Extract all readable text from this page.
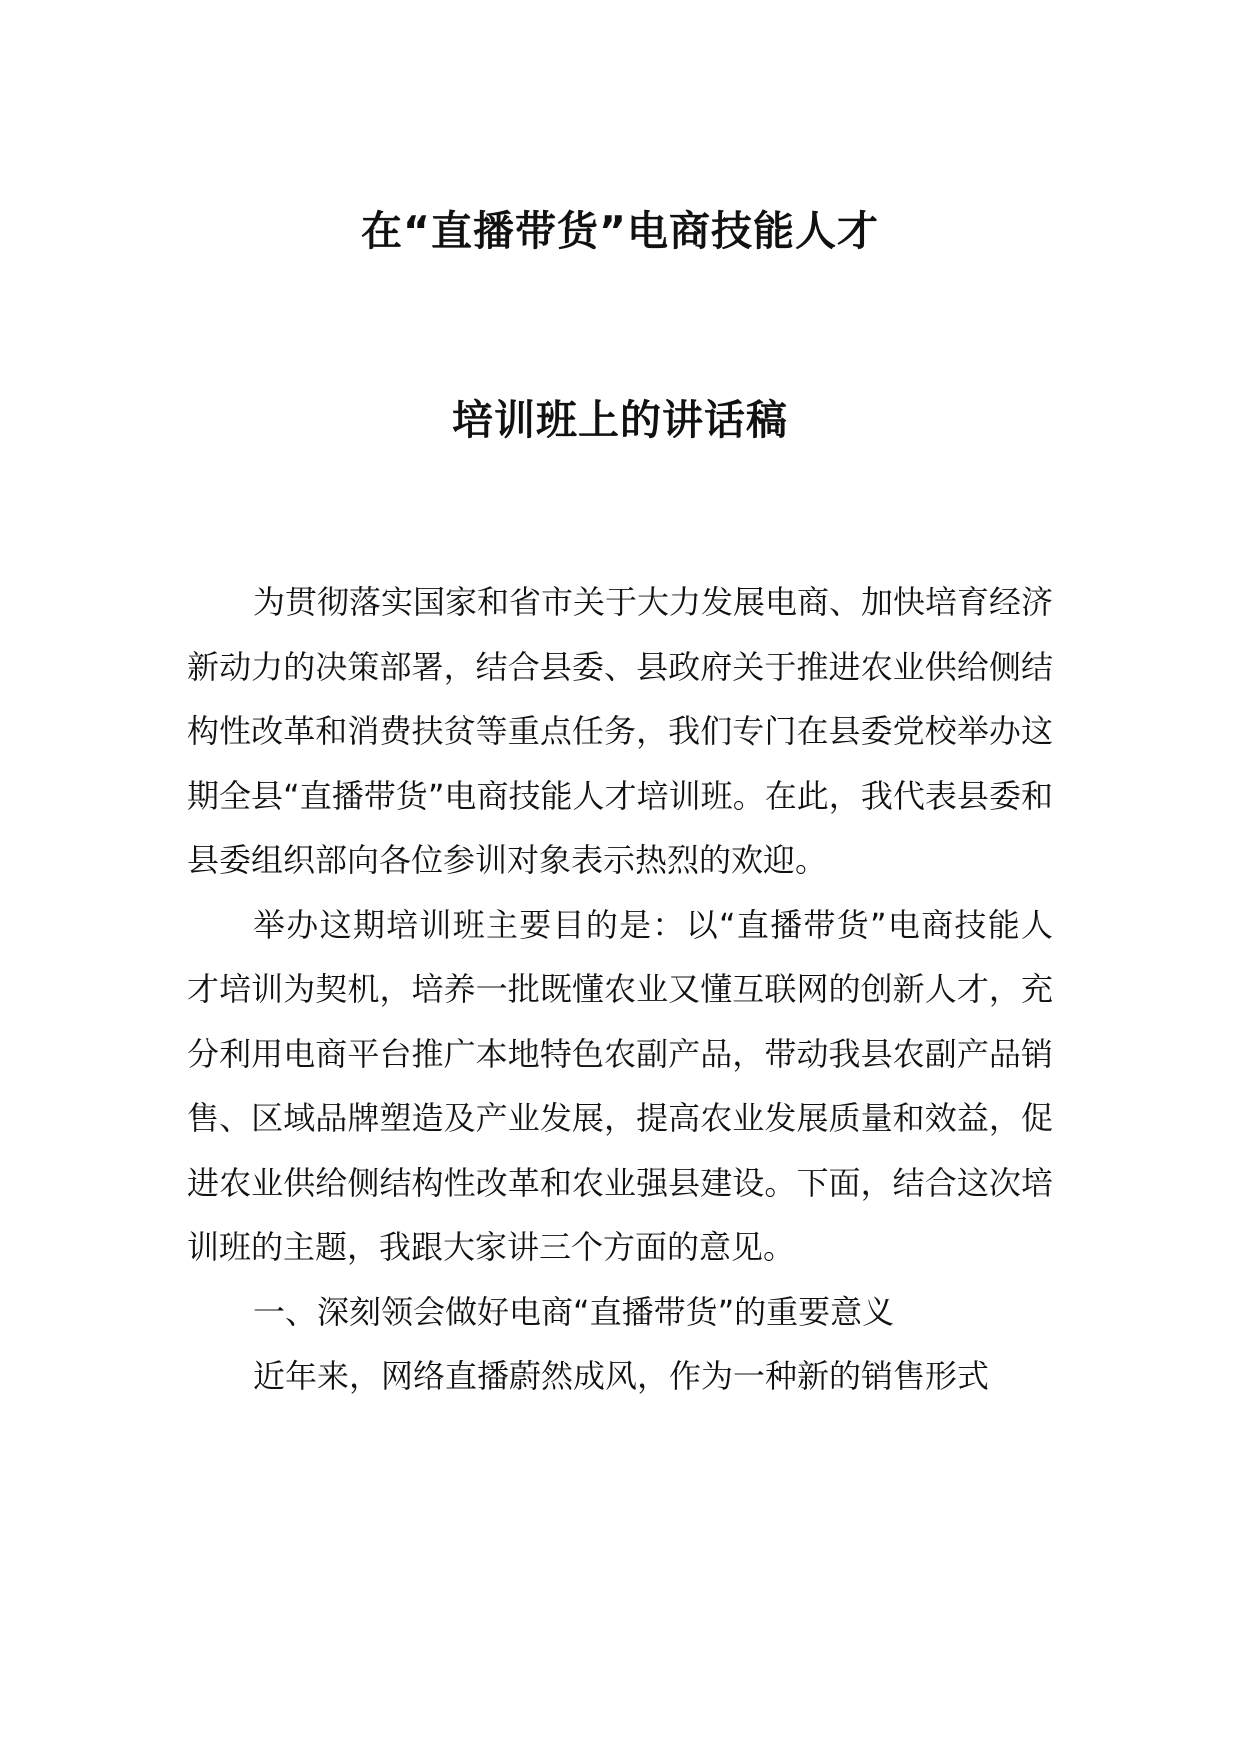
在“直播带货”电商技能人才
培训班上的讲话稿

为贯彻落实国家和省市关于大力发展电商、加快培育经济新动力的决策部署，结合县委、县政府关于推进农业供给侧结构性改革和消费扶贫等重点任务，我们专门在县委党校举办这期全县“直播带货”电商技能人才培训班。在此，我代表县委和县委组织部向各位参训对象表示热烈的欢迎。

举办这期培训班主要目的是：以“直播带货”电商技能人才培训为契机，培养一批既懂农业又懂互联网的创新人才，充分利用电商平台推广本地特色农副产品，带动我县农副产品销售、区域品牌塑造及产业发展，提高农业发展质量和效益，促进农业供给侧结构性改革和农业强县建设。下面，结合这次培训班的主题，我跟大家讲三个方面的意见。

一、深刻领会做好电商“直播带货”的重要意义

近年来，网络直播蔚然成风，作为一种新的销售形式
